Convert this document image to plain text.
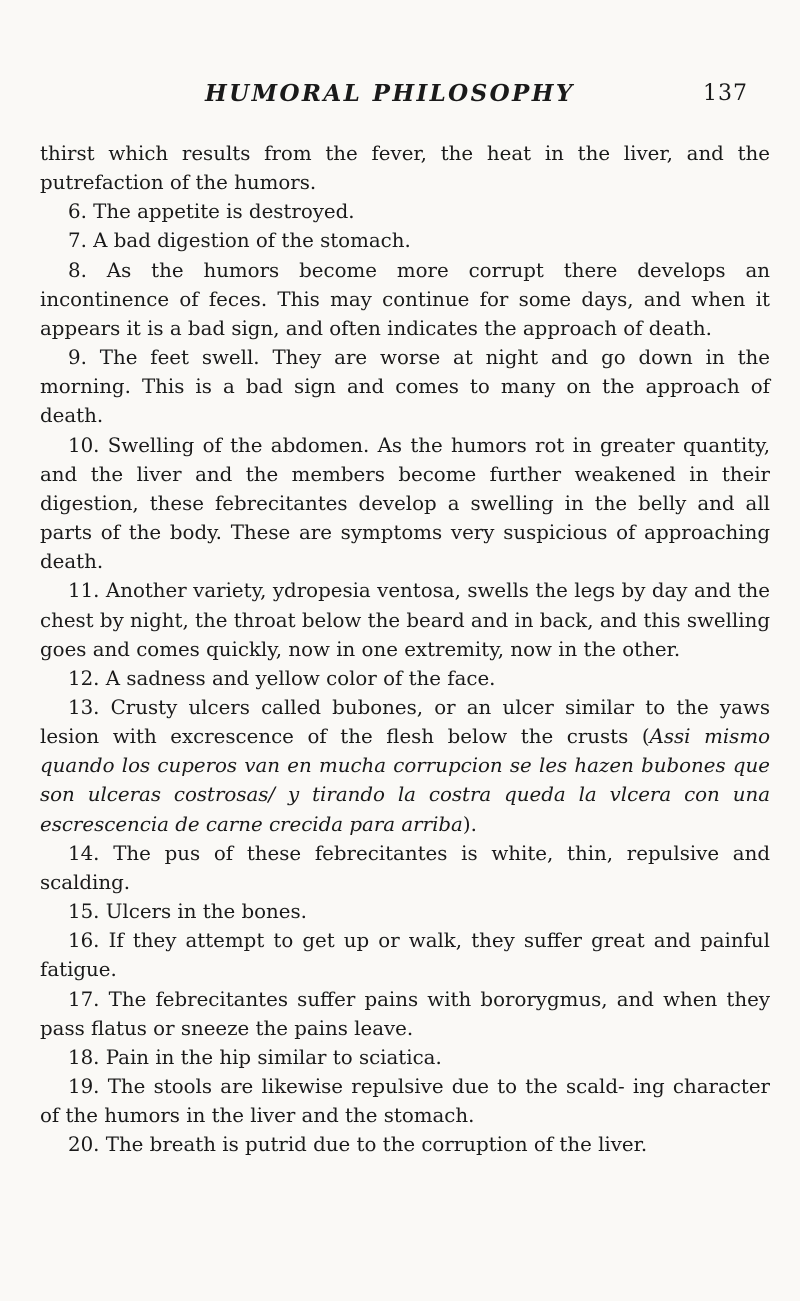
HUMORAL PHILOSOPHY	137

thirst which results from the fever, the heat in the liver, and the putrefaction of the humors.

6. The appetite is destroyed.

7. A bad digestion of the stomach.

8. As the humors become more corrupt there develops an incontinence of feces. This may continue for some days, and when it appears it is a bad sign, and often indicates the approach of death.

9. The feet swell. They are worse at night and go down in the morning. This is a bad sign and comes to many on the approach of death.

10. Swelling of the abdomen. As the humors rot in greater quantity, and the liver and the members become further weakened in their digestion, these febrecitantes develop a swelling in the belly and all parts of the body. These are symptoms very suspicious of approaching death.

11. Another variety, ydropesia ventosa, swells the legs by day and the chest by night, the throat below the beard and in back, and this swelling goes and comes quickly, now in one extremity, now in the other.

12. A sadness and yellow color of the face.

13. Crusty ulcers called bubones, or an ulcer similar to the yaws lesion with excrescence of the flesh below the crusts (Assi mismo quando los cuperos van en mucha corrupcion se les hazen bubones que son ulceras costrosas/ y tirando la costra queda la vlcera con una escrescencia de carne crecida para arriba).

14. The pus of these febrecitantes is white, thin, repulsive and scalding.

15. Ulcers in the bones.

16. If they attempt to get up or walk, they suffer great and painful fatigue.

17. The febrecitantes suffer pains with bororygmus, and when they pass flatus or sneeze the pains leave.

18. Pain in the hip similar to sciatica.

19. The stools are likewise repulsive due to the scald- ing character of the humors in the liver and the stomach.

20. The breath is putrid due to the corruption of the liver.
